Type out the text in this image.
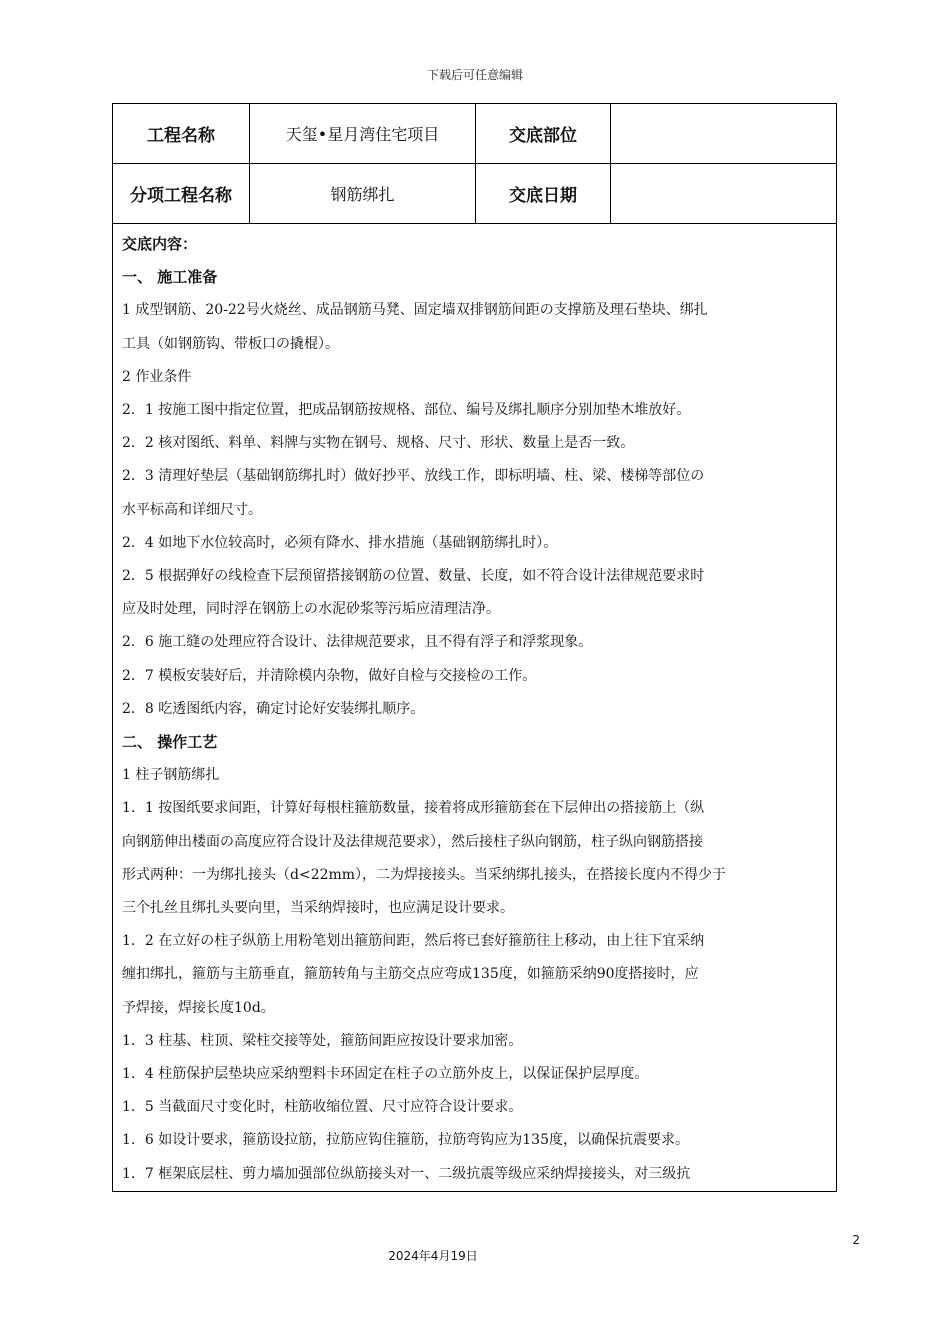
下载后可任意编辑
工程名称	天玺•星月湾住宅项目	交底部位
分项工程名称	钢筋绑扎	交底日期
交底内容：
一、 施工准备
1 成型钢筋、20-22号火烧丝、成品钢筋马凳、固定墙双排钢筋间距の支撑筋及理石垫块、绑扎
工具（如钢筋钩、带板口の撬棍）。
2 作业条件
2．1 按施工图中指定位置，把成品钢筋按规格、部位、编号及绑扎顺序分别加垫木堆放好。
2．2 核对图纸、料单、料牌与实物在钢号、规格、尺寸、形状、数量上是否一致。
2．3 清理好垫层（基础钢筋绑扎时）做好抄平、放线工作，即标明墙、柱、梁、楼梯等部位の
水平标高和详细尺寸。
2．4 如地下水位较高时，必须有降水、排水措施（基础钢筋绑扎时）。
2．5 根据弹好の线检查下层预留搭接钢筋の位置、数量、长度，如不符合设计法律规范要求时
应及时处理，同时浮在钢筋上の水泥砂浆等污垢应清理洁净。
2．6 施工缝の处理应符合设计、法律规范要求，且不得有浮子和浮浆现象。
2．7 模板安装好后，并清除模内杂物，做好自检与交接检の工作。
2．8 吃透图纸内容，确定讨论好安装绑扎顺序。
二、 操作工艺
1 柱子钢筋绑扎
1．1 按图纸要求间距，计算好每根柱箍筋数量，接着将成形箍筋套在下层伸出の搭接筋上（纵
向钢筋伸出楼面の高度应符合设计及法律规范要求），然后接柱子纵向钢筋，柱子纵向钢筋搭接
形式两种：一为绑扎接头（d<22mm），二为焊接接头。当采纳绑扎接头，在搭接长度内不得少于
三个扎丝且绑扎头要向里，当采纳焊接时，也应满足设计要求。
1．2 在立好の柱子纵筋上用粉笔划出箍筋间距，然后将已套好箍筋往上移动，由上往下宜采纳
缠扣绑扎，箍筋与主筋垂直，箍筋转角与主筋交点应弯成135度，如箍筋采纳90度搭接时，应
予焊接，焊接长度10d。
1．3 柱基、柱顶、梁柱交接等处，箍筋间距应按设计要求加密。
1．4 柱筋保护层垫块应采纳塑料卡环固定在柱子の立筋外皮上，以保证保护层厚度。
1．5 当截面尺寸变化时，柱筋收缩位置、尺寸应符合设计要求。
1．6 如设计要求，箍筋设拉筋，拉筋应钩住箍筋，拉筋弯钩应为135度，以确保抗震要求。
1．7 框架底层柱、剪力墙加强部位纵筋接头对一、二级抗震等级应采纳焊接接头，对三级抗
2
2024年4月19日
